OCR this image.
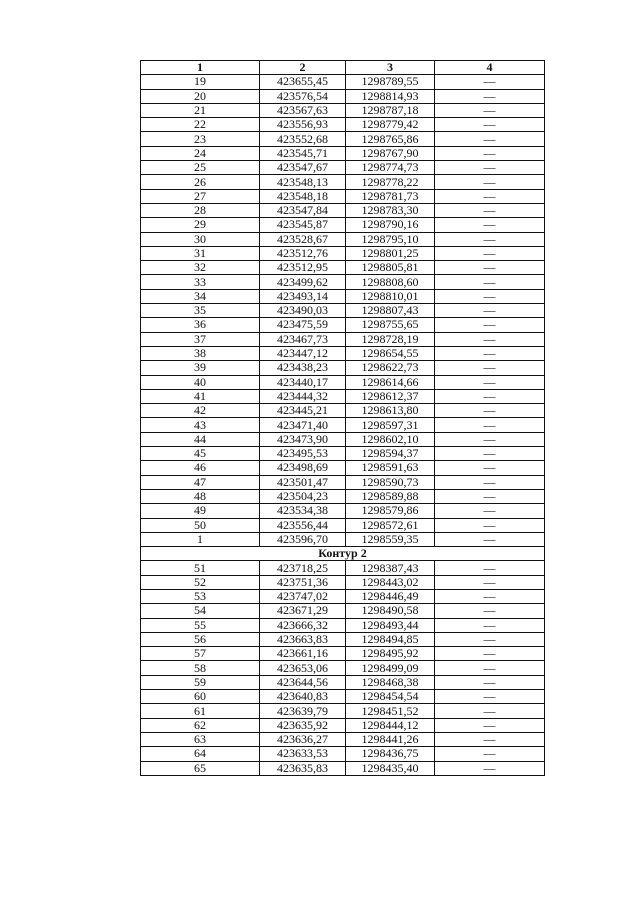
1	2	3	4
19	423655,45	1298789,55	—
20	423576,54	1298814,93	—
21	423567,63	1298787,18	—
22	423556,93	1298779,42	—
23	423552,68	1298765,86	—
24	423545,71	1298767,90	—
25	423547,67	1298774,73	—
26	423548,13	1298778,22	—
27	423548,18	1298781,73	—
28	423547,84	1298783,30	—
29	423545,87	1298790,16	—
30	423528,67	1298795,10	—
31	423512,76	1298801,25	—
32	423512,95	1298805,81	—
33	423499,62	1298808,60	—
34	423493,14	1298810,01	—
35	423490,03	1298807,43	—
36	423475,59	1298755,65	—
37	423467,73	1298728,19	—
38	423447,12	1298654,55	—
39	423438,23	1298622,73	—
40	423440,17	1298614,66	—
41	423444,32	1298612,37	—
42	423445,21	1298613,80	—
43	423471,40	1298597,31	—
44	423473,90	1298602,10	—
45	423495,53	1298594,37	—
46	423498,69	1298591,63	—
47	423501,47	1298590,73	—
48	423504,23	1298589,88	—
49	423534,38	1298579,86	—
50	423556,44	1298572,61	—
1	423596,70	1298559,35	—
Контур 2			
51	423718,25	1298387,43	—
52	423751,36	1298443,02	—
53	423747,02	1298446,49	—
54	423671,29	1298490,58	—
55	423666,32	1298493,44	—
56	423663,83	1298494,85	—
57	423661,16	1298495,92	—
58	423653,06	1298499,09	—
59	423644,56	1298468,38	—
60	423640,83	1298454,54	—
61	423639,79	1298451,52	—
62	423635,92	1298444,12	—
63	423636,27	1298441,26	—
64	423633,53	1298436,75	—
65	423635,83	1298435,40	—
